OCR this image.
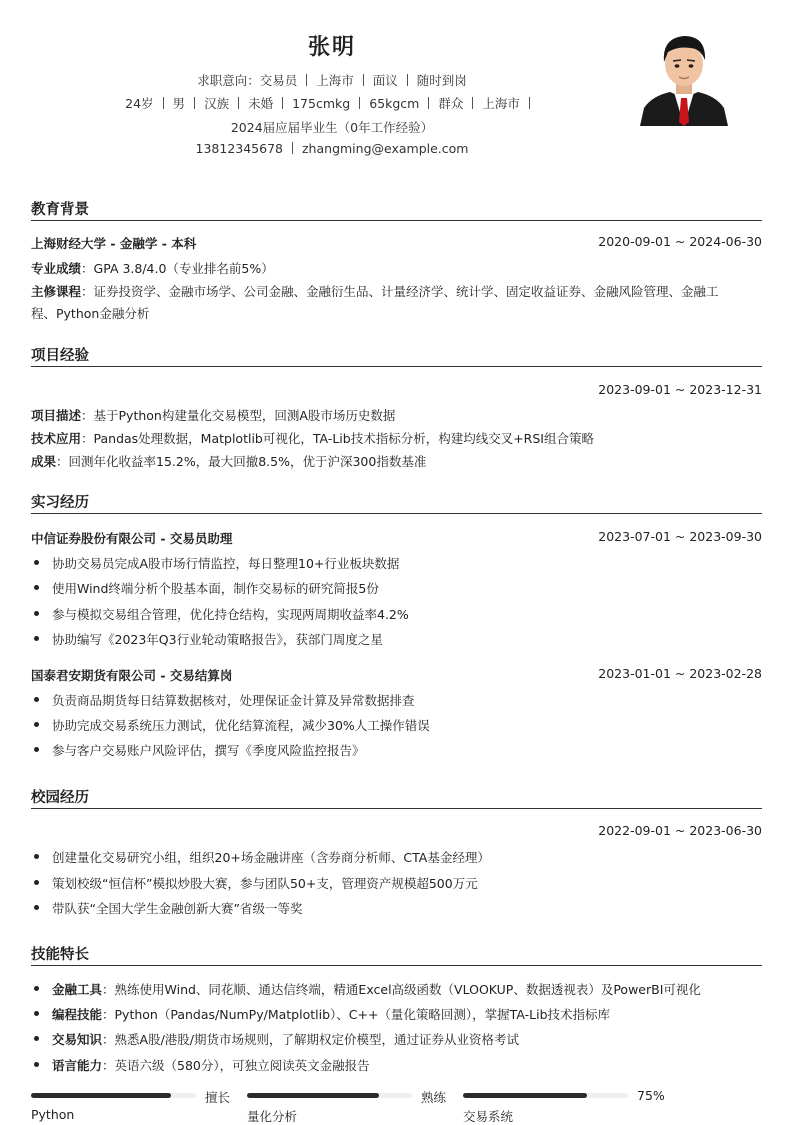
张明
求职意向：交易员 上海市 面议 随时到岗
24岁 男 汉族 未婚 175cmkg 65kgcm 群众 上海市
2024届应届毕业生（0年工作经验）
13812345678 zhangming@example.com
教育背景
上海财经大学 - 金融学 - 本科	2020-09-01 ~ 2024-06-30
专业成绩：GPA 3.8/4.0（专业排名前5%）
主修课程：证券投资学、金融市场学、公司金融、金融衍生品、计量经济学、统计学、固定收益证券、金融风险管理、金融工
程、Python金融分析
项目经验
2023-09-01 ~ 2023-12-31
项目描述：基于Python构建量化交易模型，回测A股市场历史数据
技术应用：Pandas处理数据，Matplotlib可视化，TA-Lib技术指标分析，构建均线交叉+RSI组合策略
成果：回测年化收益率15.2%，最大回撤8.5%，优于沪深300指数基准
实习经历
中信证券股份有限公司 - 交易员助理	2023-07-01 ~ 2023-09-30
协助交易员完成A股市场行情监控，每日整理10+行业板块数据
使用Wind终端分析个股基本面，制作交易标的研究简报5份
参与模拟交易组合管理，优化持仓结构，实现两周期收益率4.2%
协助编写《2023年Q3行业轮动策略报告》，获部门周度之星
国泰君安期货有限公司 - 交易结算岗	2023-01-01 ~ 2023-02-28
负责商品期货每日结算数据核对，处理保证金计算及异常数据排查
协助完成交易系统压力测试，优化结算流程，减少30%人工操作错误
参与客户交易账户风险评估，撰写《季度风险监控报告》
校园经历
2022-09-01 ~ 2023-06-30
创建量化交易研究小组，组织20+场金融讲座（含券商分析师、CTA基金经理）
策划校级“恒信杯”模拟炒股大赛，参与团队50+支，管理资产规模超500万元
带队获“全国大学生金融创新大赛”省级一等奖
技能特长
金融工具：熟练使用Wind、同花顺、通达信终端，精通Excel高级函数（VLOOKUP、数据透视表）及PowerBI可视化
编程技能：Python（Pandas/NumPy/Matplotlib）、C++（量化策略回测），掌握TA-Lib技术指标库
交易知识：熟悉A股/港股/期货市场规则，了解期权定价模型，通过证券从业资格考试
语言能力：英语六级（580分），可独立阅读英文金融报告
擅长
Python
熟练
量化分析
75%
交易系统
